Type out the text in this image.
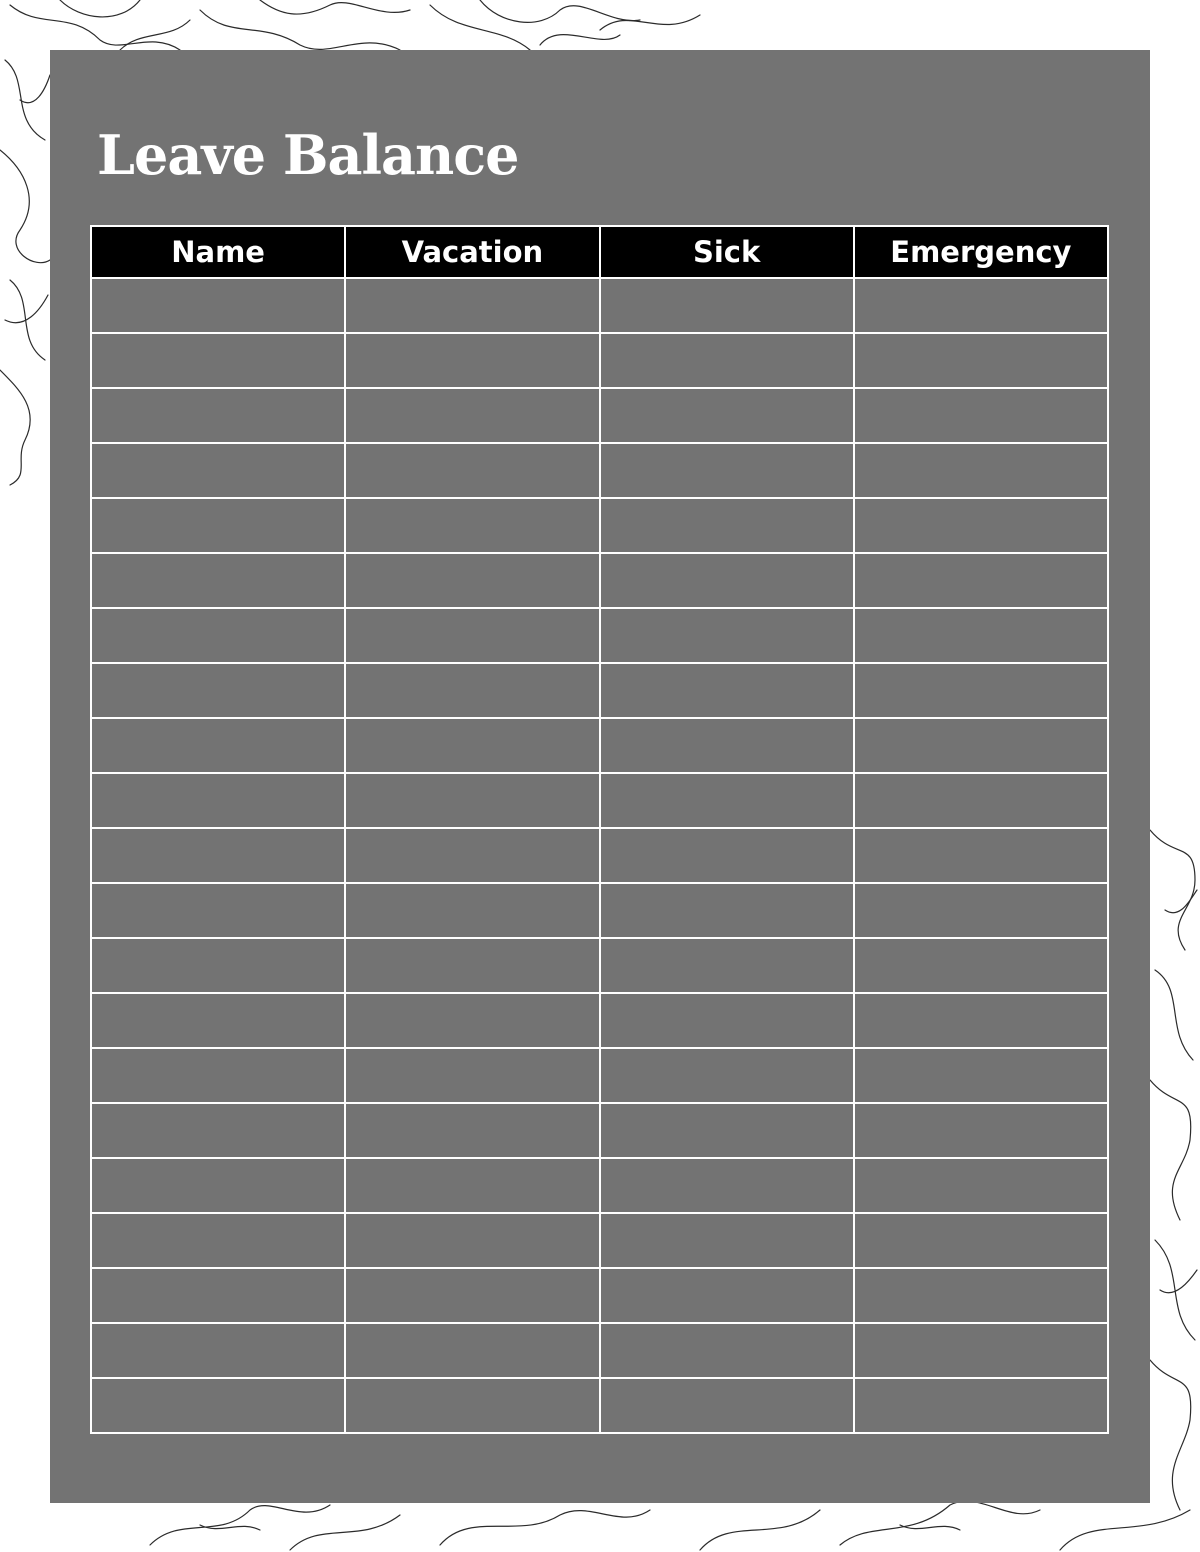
Leave Balance
Name	Vacation	Sick	Emergency
